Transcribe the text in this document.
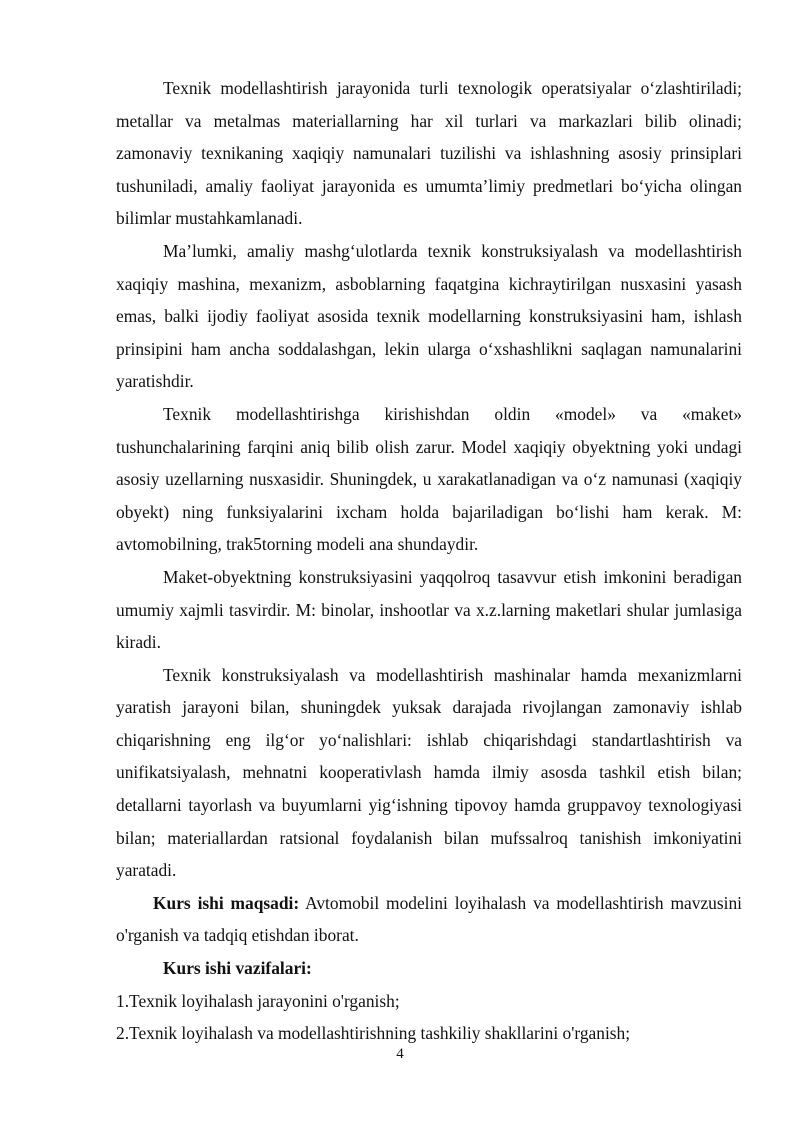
Texnik modellashtirish jarayonida turli texnologik operatsiyalar o‘zlashtiriladi; metallar va metalmas materiallarning har xil turlari va markazlari bilib olinadi; zamonaviy texnikaning xaqiqiy namunalari tuzilishi va ishlashning asosiy prinsiplari tushuniladi, amaliy faoliyat jarayonida es umumta’limiy predmetlari bo‘yicha olingan bilimlar mustahkamlanadi.

Ma’lumki, amaliy mashg‘ulotlarda texnik konstruksiyalash va modellashtirish xaqiqiy mashina, mexanizm, asboblarning faqatgina kichraytirilgan nusxasini yasash emas, balki ijodiy faoliyat asosida texnik modellarning konstruksiyasini ham, ishlash prinsipini ham ancha soddalashgan, lekin ularga o‘xshashlikni saqlagan namunalarini yaratishdir.

Texnik modellashtirishga kirishishdan oldin «model» va «maket» tushunchalarining farqini aniq bilib olish zarur. Model xaqiqiy obyektning yoki undagi asosiy uzellarning nusxasidir. Shuningdek, u xarakatlanadigan va o‘z namunasi (xaqiqiy obyekt) ning funksiyalarini ixcham holda bajariladigan bo‘lishi ham kerak. M: avtomobilning, trak5torning modeli ana shundaydir.

Maket-obyektning konstruksiyasini yaqqolroq tasavvur etish imkonini beradigan umumiy xajmli tasvirdir. M: binolar, inshootlar va x.z.larning maketlari shular jumlasiga kiradi.

Texnik konstruksiyalash va modellashtirish mashinalar hamda mexanizmlarni yaratish jarayoni bilan, shuningdek yuksak darajada rivojlangan zamonaviy ishlab chiqarishning eng ilg‘or yo‘nalishlari: ishlab chiqarishdagi standartlashtirish va unifikatsiyalash, mehnatni kooperativlash hamda ilmiy asosda tashkil etish bilan; detallarni tayorlash va buyumlarni yig‘ishning tipovoy hamda gruppavoy texnologiyasi bilan; materiallardan ratsional foydalanish bilan mufssalroq tanishish imkoniyatini yaratadi.

Kurs ishi maqsadi: Avtomobil modelini loyihalash va modellashtirish mavzusini o'rganish va tadqiq etishdan iborat.

Kurs ishi vazifalari:

1.Texnik loyihalash jarayonini o'rganish;

2.Texnik loyihalash va modellashtirishning tashkiliy shakllarini o'rganish;

4
